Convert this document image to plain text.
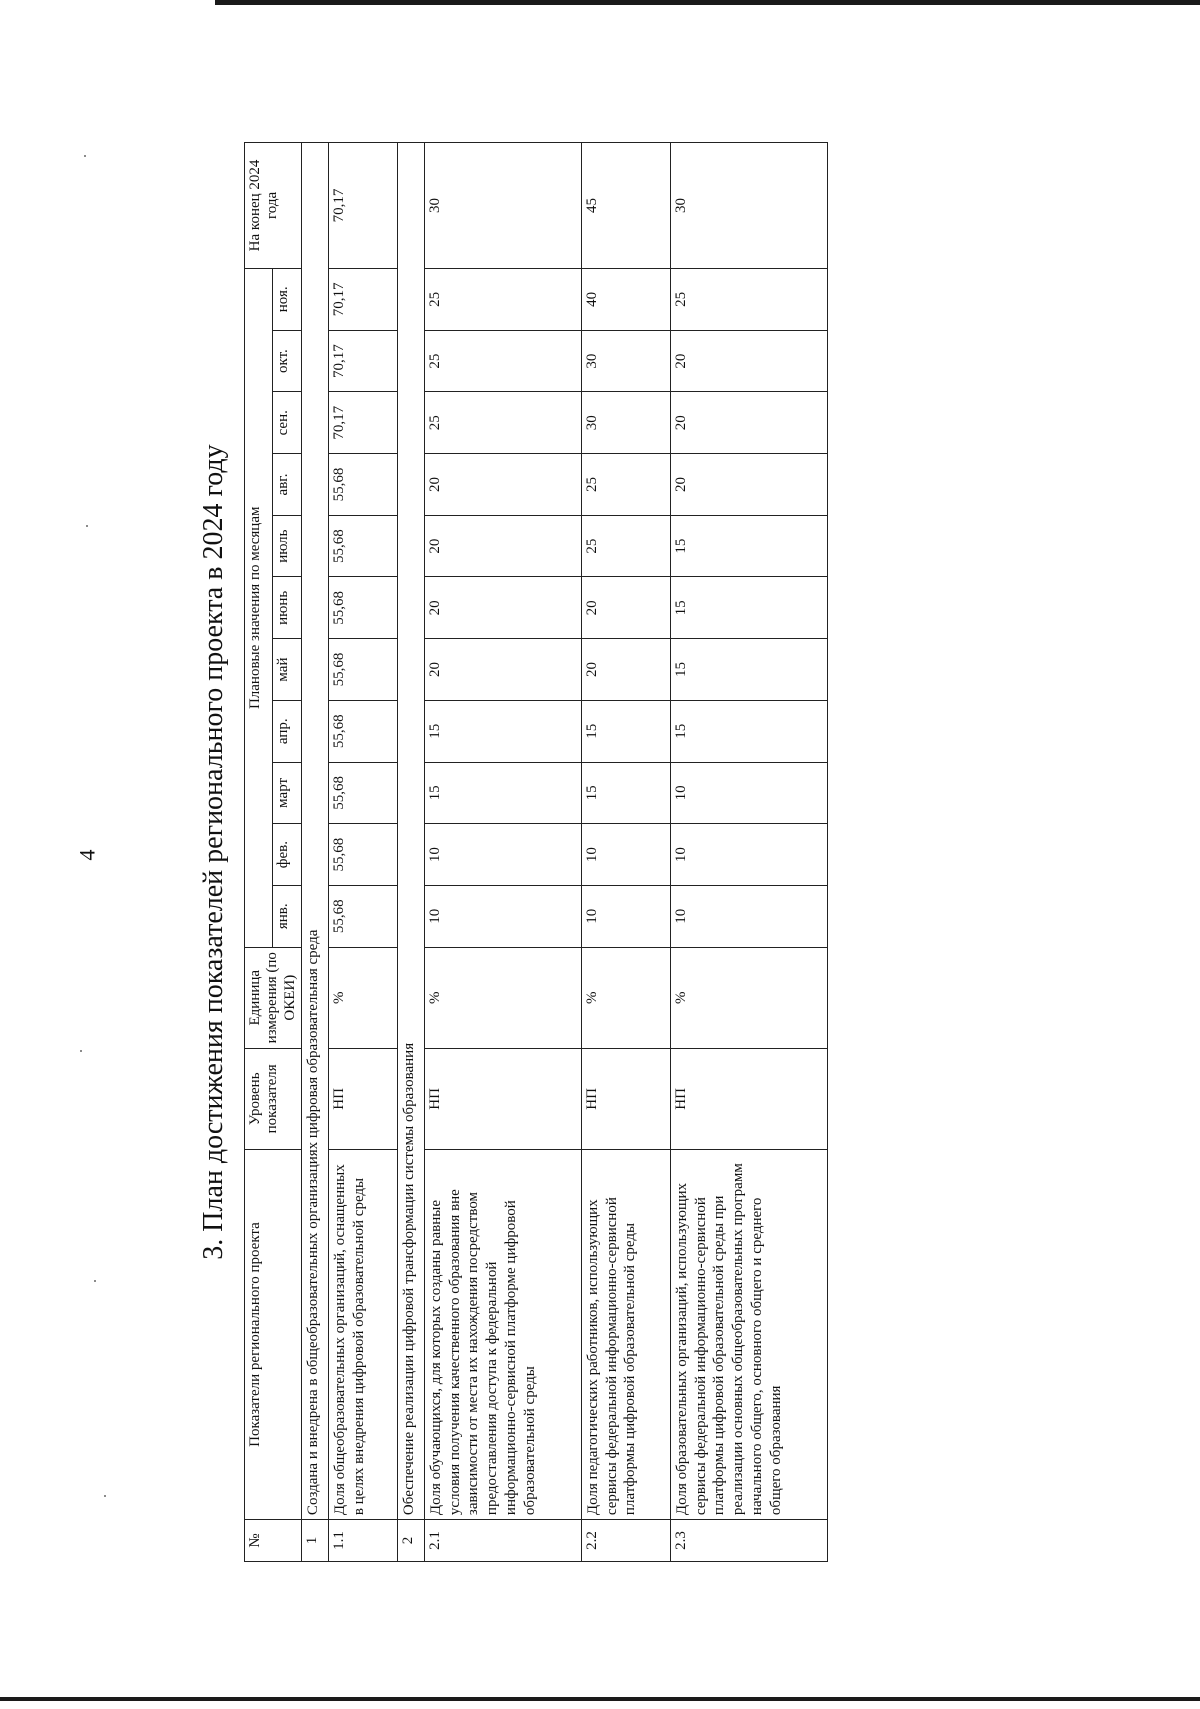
4	3. План достижения показателей регионального проекта в 2024 году
№	Показатели регионального проекта	Уровень показателя	Единица измерения (по ОКЕИ)	Плановые значения по месяцам											На конец 2024 года
				янв.	фев.	март	апр.	май	июнь	июль	авг.	сен.	окт.	ноя.	
1	Создана и внедрена в общеобразовательных организациях цифровая образовательная среда														
1.1	Доля общеобразовательных организаций, оснащенных в целях внедрения цифровой образовательной среды	НП	%	55,68	55,68	55,68	55,68	55,68	55,68	55,68	55,68	70,17	70,17	70,17	70,17
2	Обеспечение реализации цифровой трансформации системы образования														
2.1	Доля обучающихся, для которых созданы равные условия получения качественного образования вне зависимости от места их нахождения посредством предоставления доступа к федеральной информационно-сервисной платформе цифровой образовательной среды	НП	%	10	10	15	15	20	20	20	20	25	25	25	30
2.2	Доля педагогических работников, использующих сервисы федеральной информационно-сервисной платформы цифровой образовательной среды	НП	%	10	10	15	15	20	20	25	25	30	30	40	45
2.3	Доля образовательных организаций, использующих сервисы федеральной информационно-сервисной платформы цифровой образовательной среды при реализации основных общеобразовательных программ начального общего, основного общего и среднего общего образования	НП	%	10	10	10	15	15	15	15	20	20	20	25	30
